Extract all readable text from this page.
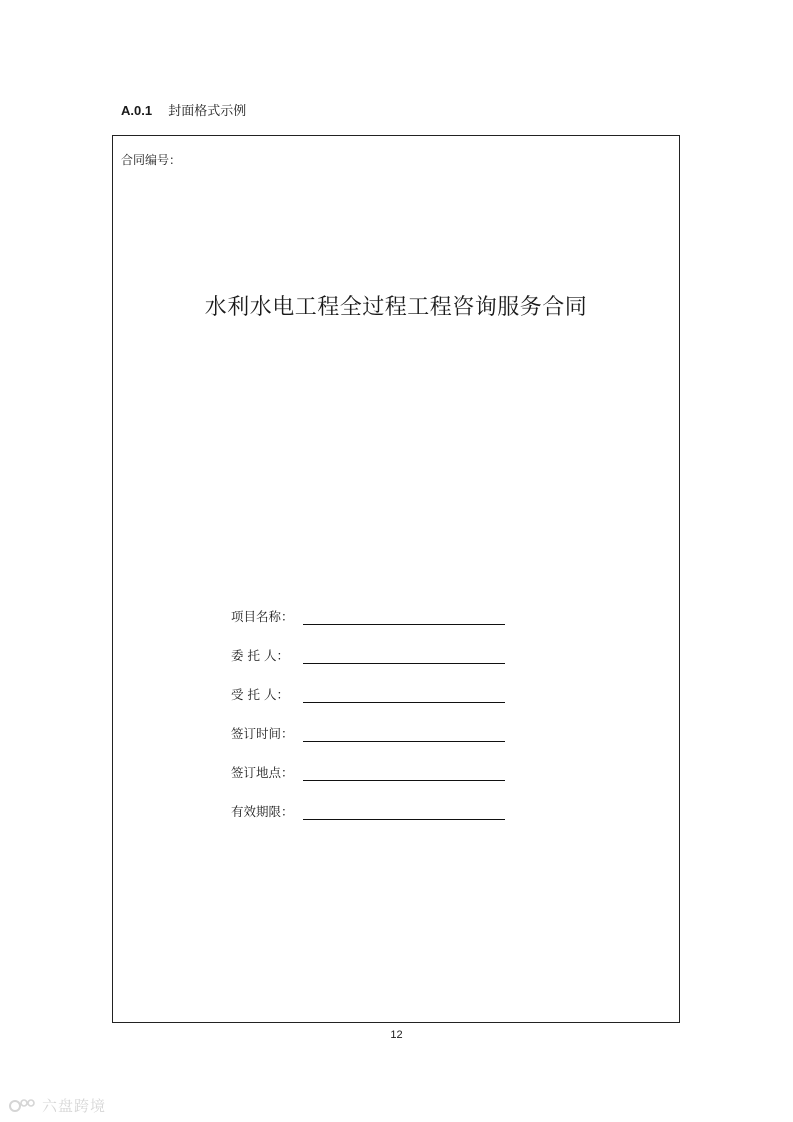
A.0.1 封面格式示例
合同编号：
水利水电工程全过程工程咨询服务合同
项目名称：
委 托 人：
受 托 人：
签订时间：
签订地点：
有效期限：
12
六盘跨境
